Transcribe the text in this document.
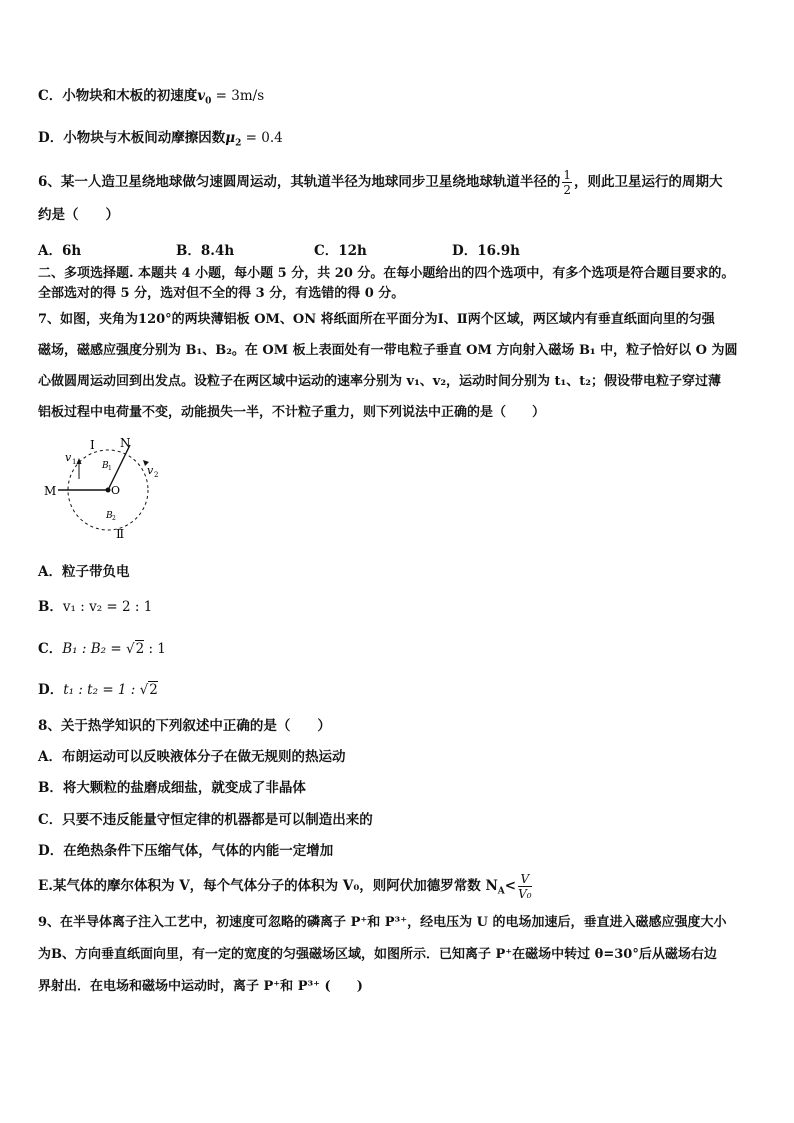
C．小物块和木板的初速度$v_0 = 3m/s$
D．小物块与木板间动摩擦因数$\mu_2 = 0.4$
6、某一人造卫星绕地球做匀速圆周运动，其轨道半径为地球同步卫星绕地球轨道半径的 $\frac{1}{2}$ ，则此卫星运行的周期大
约是（　　）
A．6h	B．8.4h	C．12h	D．16.9h
二、多项选择题. 本题共 4 小题，每小题 5 分，共 20 分。在每小题给出的四个选项中，有多个选项是符合题目要求的。
全部选对的得 5 分，选对但不全的得 3 分，有选错的得 0 分。
7、如图，夹角为120°的两块薄铝板 OM、ON 将纸面所在平面分为Ⅰ、Ⅱ两个区域，两区域内有垂直纸面向里的匀强
磁场，磁感应强度分别为 B₁、B₂。在 OM 板上表面处有一带电粒子垂直 OM 方向射入磁场 B₁ 中，粒子恰好以 O 为圆
心做圆周运动回到出发点。设粒子在两区域中运动的速率分别为 v₁、v₂，运动时间分别为 t₁、t₂；假设带电粒子穿过薄
铝板过程中电荷量不变，动能损失一半，不计粒子重力，则下列说法中正确的是（　　）
Ⅰ N
M	O
Ⅱ
v 1
v 2
B 1
B 2
A．粒子带负电
B．v₁ : v₂ = 2 : 1
C．B₁ : B₂ = √2 : 1
D．t₁ : t₂ = 1 : √2
8、关于热学知识的下列叙述中正确的是（　　）
A．布朗运动可以反映液体分子在做无规则的热运动
B．将大颗粒的盐磨成细盐，就变成了非晶体
C．只要不违反能量守恒定律的机器都是可以制造出来的
D．在绝热条件下压缩气体，气体的内能一定增加
E.某气体的摩尔体积为 V，每个气体分子的体积为 V₀，则阿伏加德罗常数 $N_A< \frac{V}{\text{V₀}}$
9、在半导体离子注入工艺中，初速度可忽略的磷离子 P⁺和 P³⁺，经电压为 U 的电场加速后，垂直进入磁感应强度大小
为B、方向垂直纸面向里，有一定的宽度的匀强磁场区域，如图所示．已知离子 P⁺在磁场中转过 θ=30°后从磁场右边
界射出．在电场和磁场中运动时，离子 P⁺和 P³⁺ (　　)
